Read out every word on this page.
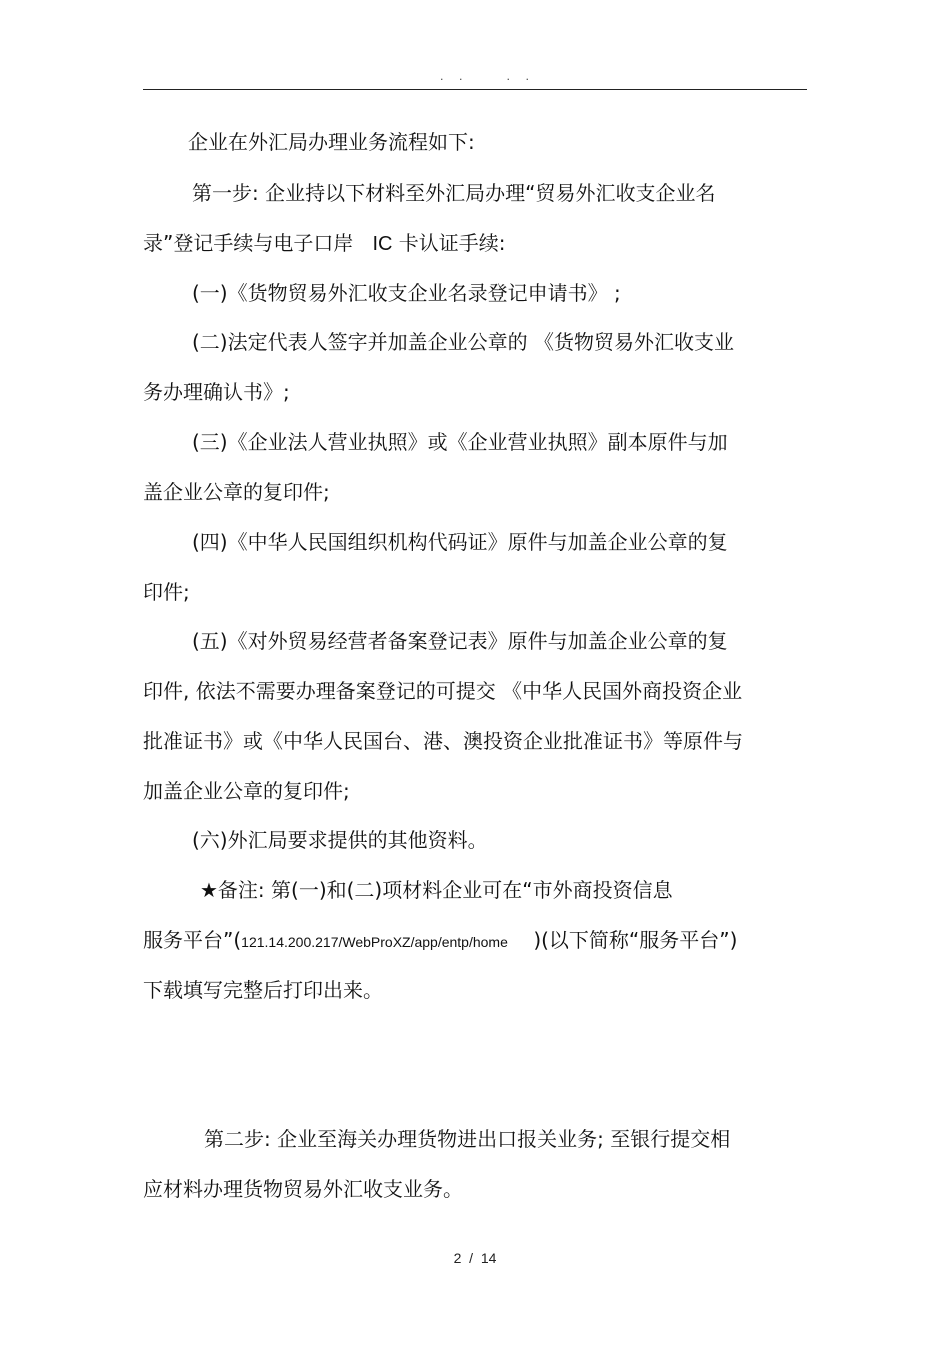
. .    . .
企业在外汇局办理业务流程如下:
第一步: 企业持以下材料至外汇局办理“贸易外汇收支企业名
录”登记手续与电子口岸   IC 卡认证手续:
(一)《货物贸易外汇收支企业名录登记申请书》 ;
(二)法定代表人签字并加盖企业公章的 《货物贸易外汇收支业
务办理确认书》;
(三)《企业法人营业执照》或《企业营业执照》副本原件与加
盖企业公章的复印件;
(四)《中华人民国组织机构代码证》原件与加盖企业公章的复
印件;
(五)《对外贸易经营者备案登记表》原件与加盖企业公章的复
印件, 依法不需要办理备案登记的可提交 《中华人民国外商投资企业
批准证书》或《中华人民国台、港、澳投资企业批准证书》等原件与
加盖企业公章的复印件;
(六)外汇局要求提供的其他资料。
★备注: 第(一)和(二)项材料企业可在“市外商投资信息
服务平台”(121.14.200.217/WebProXZ/app/entp/home    )(以下简称“服务平台”)
下载填写完整后打印出来。
第二步: 企业至海关办理货物进出口报关业务; 至银行提交相
应材料办理货物贸易外汇收支业务。
2  /  14
